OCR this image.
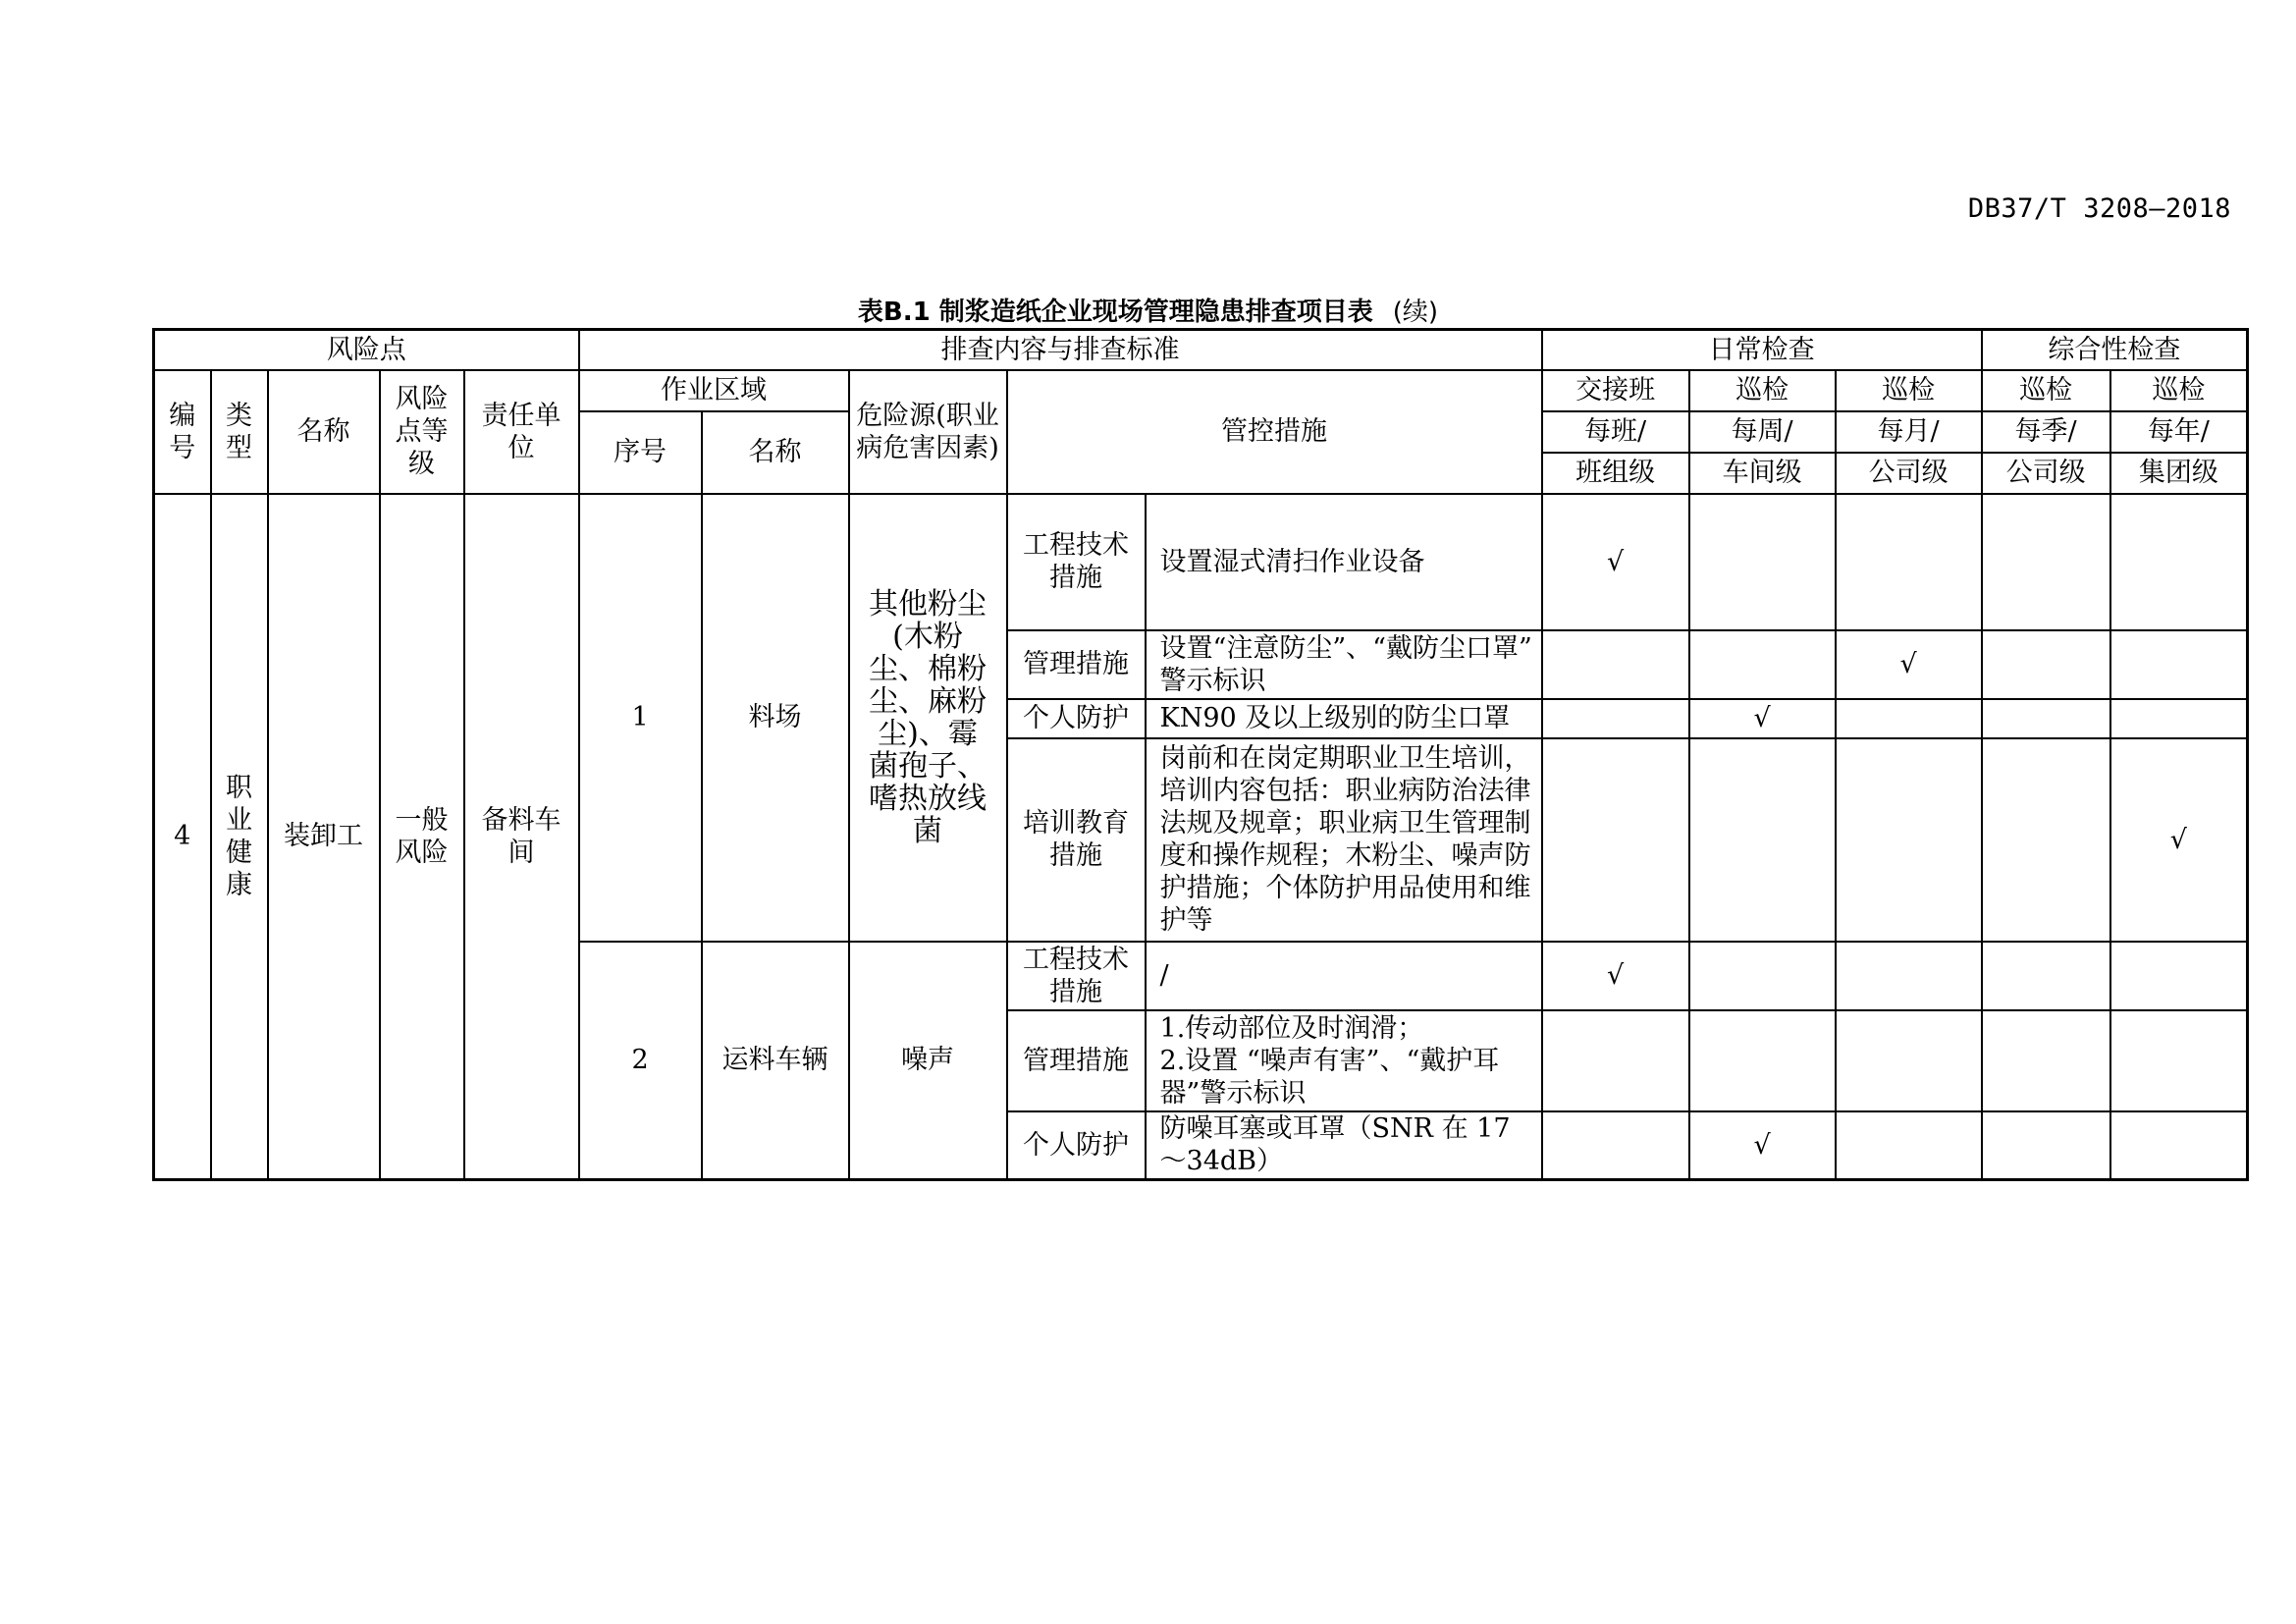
DB37/T 3208—2018
表B.1 制浆造纸企业现场管理隐患排查项目表 (续)
风险点					排查内容与排查标准					日常检查			综合性检查	
编号	类型	名称	风险点等级	责任单位	作业区域		危险源(职业病危害因素)	管控措施		交接班	巡检	巡检	巡检	巡检
					序号	名称				每班/	每周/	每月/	每季/	每年/
										班组级	车间级	公司级	公司级	集团级
4	职业健康	装卸工	一般风险	备料车间	1	料场	其他粉尘(木粉尘、棉粉尘、麻粉尘)、霉菌孢子、嗜热放线菌	工程技术措施	设置湿式清扫作业设备	√				
								管理措施	设置“注意防尘”、“戴防尘口罩” 警示标识			√		
								个人防护	KN90 及以上级别的防尘口罩		√			
								培训教育措施	岗前和在岗定期职业卫生培训，培训内容包括：职业病防治法律法规及规章；职业病卫生管理制度和操作规程；木粉尘、噪声防护措施；个体防护用品使用和维护等					√
					2	运料车辆	噪声	工程技术措施	/	√				
								管理措施	1.传动部位及时润滑；
2.设置 “噪声有害”、“戴护耳器”警示标识					

								个人防护	防噪耳塞或耳罩（SNR 在 17～34dB）		√			
